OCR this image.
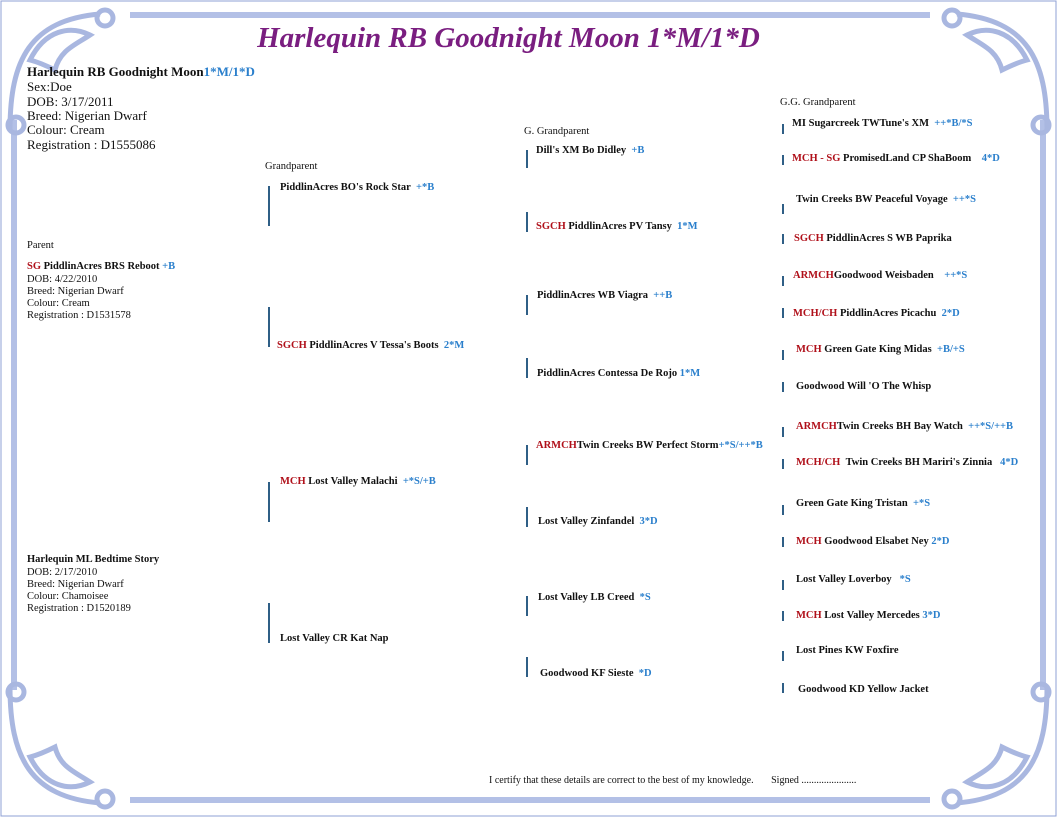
Harlequin RB Goodnight Moon 1*M/1*D
Harlequin RB Goodnight Moon1*M/1*D
Sex:Doe
DOB: 3/17/2011
Breed: Nigerian Dwarf
Colour: Cream
Registration : D1555086
Parent
Grandparent
G. Grandparent
G.G. Grandparent
SG PiddlinAcres BRS Reboot +B
DOB: 4/22/2010
Breed: Nigerian Dwarf
Colour: Cream
Registration : D1531578
Harlequin ML Bedtime Story
DOB: 2/17/2010
Breed: Nigerian Dwarf
Colour: Chamoisee
Registration : D1520189
PiddlinAcres BO's Rock Star +*B
SGCH PiddlinAcres V Tessa's Boots 2*M
MCH Lost Valley Malachi +*S/+B
Lost Valley CR Kat Nap
Dill's XM Bo Didley +B
SGCH PiddlinAcres PV Tansy 1*M
PiddlinAcres WB Viagra ++B
PiddlinAcres Contessa De Rojo 1*M
ARMCHTwin Creeks BW Perfect Storm+*S/++*B
Lost Valley Zinfandel 3*D
Lost Valley LB Creed *S
Goodwood KF Sieste *D
MI Sugarcreek TWTune's XM ++*B/*S
MCH - SG PromisedLand CP ShaBoom 4*D
Twin Creeks BW Peaceful Voyage ++*S
SGCH PiddlinAcres S WB Paprika
ARMCHGoodwood Weisbaden ++*S
MCH/CH PiddlinAcres Picachu 2*D
MCH Green Gate King Midas +B/+S
Goodwood Will 'O The Whisp
ARMCHTwin Creeks BH Bay Watch ++*S/++B
MCH/CH Twin Creeks BH Mariri's Zinnia 4*D
Green Gate King Tristan +*S
MCH Goodwood Elsabet Ney 2*D
Lost Valley Loverboy *S
MCH Lost Valley Mercedes 3*D
Lost Pines KW Foxfire
Goodwood KD Yellow Jacket
I certify that these details are correct to the best of my knowledge. Signed ......................
